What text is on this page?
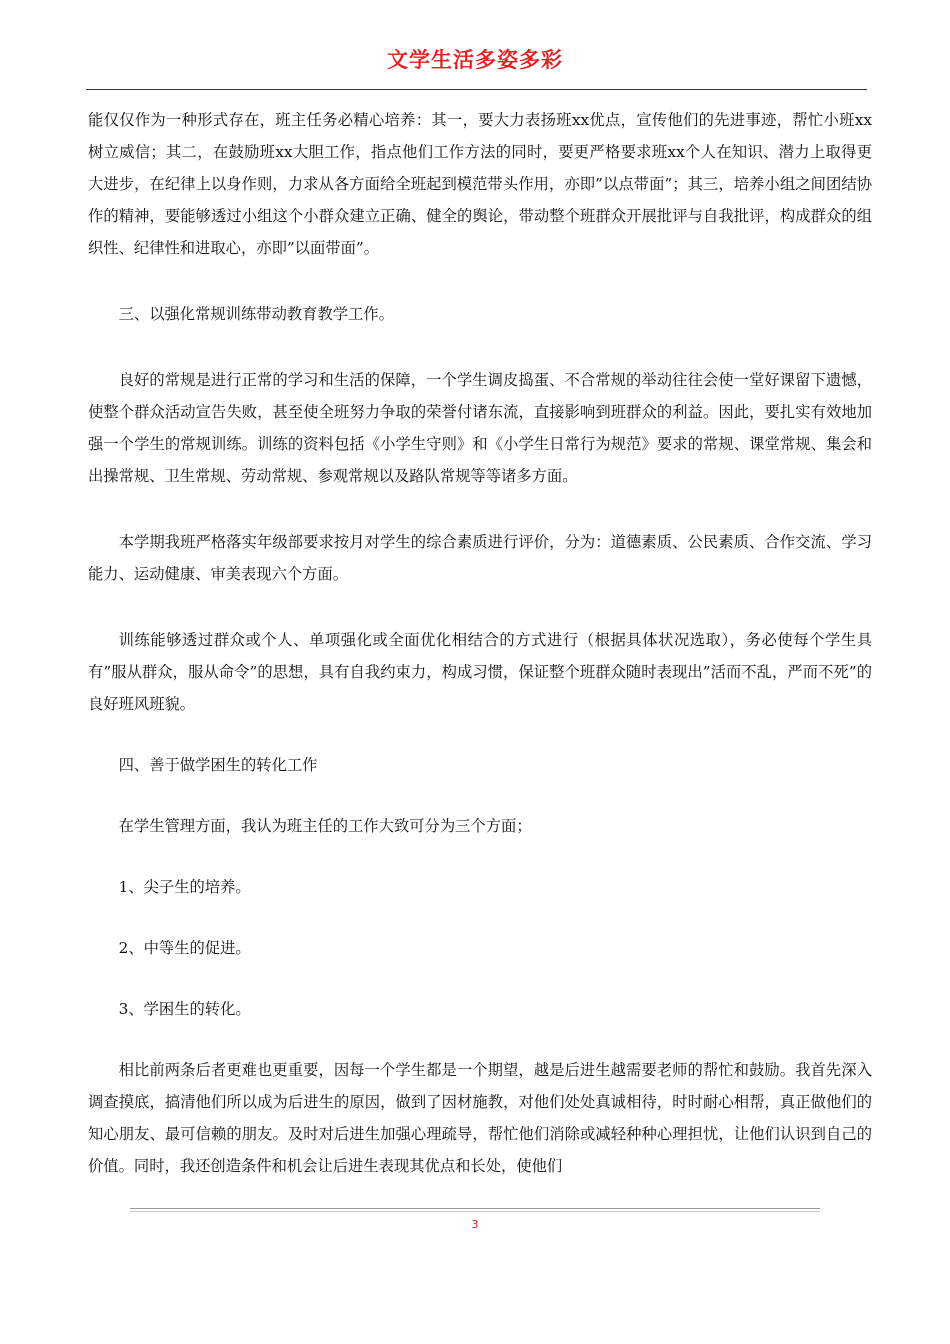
文学生活多姿多彩

能仅仅作为一种形式存在，班主任务必精心培养：其一，要大力表扬班xx优点，宣传他们的先进事迹，帮忙小班xx树立威信；其二，在鼓励班xx大胆工作，指点他们工作方法的同时，要更严格要求班xx个人在知识、潜力上取得更大进步，在纪律上以身作则，力求从各方面给全班起到模范带头作用，亦即”以点带面”；其三，培养小组之间团结协作的精神，要能够透过小组这个小群众建立正确、健全的舆论，带动整个班群众开展批评与自我批评，构成群众的组织性、纪律性和进取心，亦即”以面带面”。

三、以强化常规训练带动教育教学工作。

良好的常规是进行正常的学习和生活的保障，一个学生调皮捣蛋、不合常规的举动往往会使一堂好课留下遗憾，使整个群众活动宣告失败，甚至使全班努力争取的荣誉付诸东流，直接影响到班群众的利益。因此，要扎实有效地加强一个学生的常规训练。训练的资料包括《小学生守则》和《小学生日常行为规范》要求的常规、课堂常规、集会和出操常规、卫生常规、劳动常规、参观常规以及路队常规等等诸多方面。

本学期我班严格落实年级部要求按月对学生的综合素质进行评价，分为：道德素质、公民素质、合作交流、学习能力、运动健康、审美表现六个方面。

训练能够透过群众或个人、单项强化或全面优化相结合的方式进行（根据具体状况选取），务必使每个学生具有”服从群众，服从命令”的思想，具有自我约束力，构成习惯，保证整个班群众随时表现出”活而不乱，严而不死”的良好班风班貌。

四、善于做学困生的转化工作

在学生管理方面，我认为班主任的工作大致可分为三个方面；

1、尖子生的培养。

2、中等生的促进。

3、学困生的转化。

相比前两条后者更难也更重要，因每一个学生都是一个期望，越是后进生越需要老师的帮忙和鼓励。我首先深入调查摸底，搞清他们所以成为后进生的原因，做到了因材施教，对他们处处真诚相待，时时耐心相帮，真正做他们的知心朋友、最可信赖的朋友。及时对后进生加强心理疏导，帮忙他们消除或减轻种种心理担忧，让他们认识到自己的价值。同时，我还创造条件和机会让后进生表现其优点和长处，使他们

3
